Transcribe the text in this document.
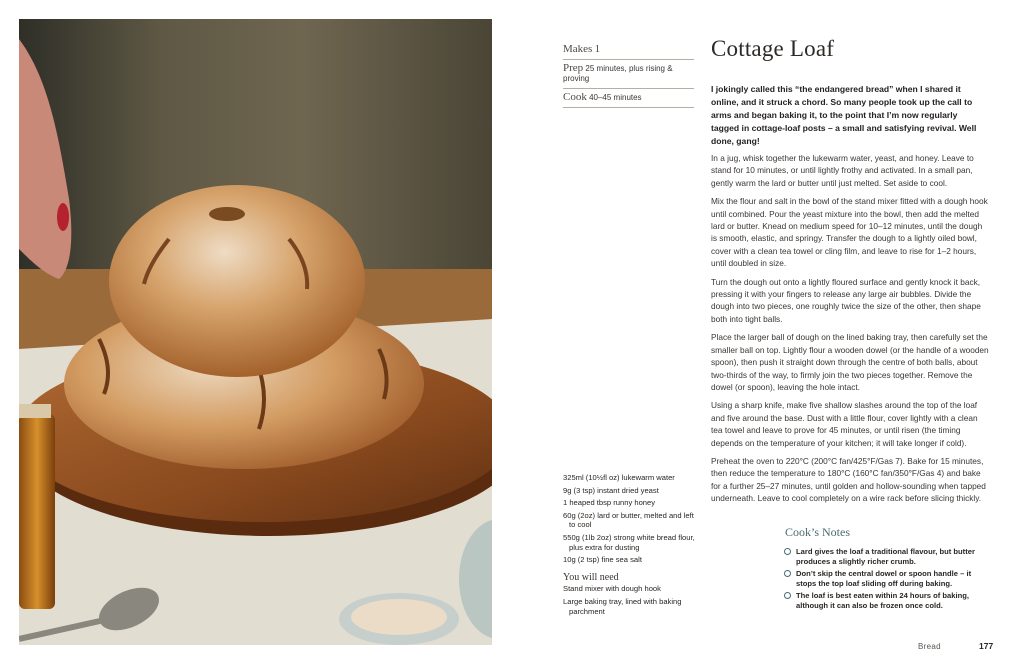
Makes 1
Prep 25 minutes, plus rising & proving
Cook 40–45 minutes
Cottage Loaf

I jokingly called this “the endangered bread” when I shared it online, and it struck a chord. So many people took up the call to arms and began baking it, to the point that I’m now regularly tagged in cottage-loaf posts – a small and satisfying revival. Well done, gang!

In a jug, whisk together the lukewarm water, yeast, and honey. Leave to stand for 10 minutes, or until lightly frothy and activated. In a small pan, gently warm the lard or butter until just melted. Set aside to cool.

Mix the flour and salt in the bowl of the stand mixer fitted with a dough hook until combined. Pour the yeast mixture into the bowl, then add the melted lard or butter. Knead on medium speed for 10–12 minutes, until the dough is smooth, elastic, and springy. Transfer the dough to a lightly oiled bowl, cover with a clean tea towel or cling film, and leave to rise for 1–2 hours, until doubled in size.

Turn the dough out onto a lightly floured surface and gently knock it back, pressing it with your fingers to release any large air bubbles. Divide the dough into two pieces, one roughly twice the size of the other, then shape both into tight balls.

Place the larger ball of dough on the lined baking tray, then carefully set the smaller ball on top. Lightly flour a wooden dowel (or the handle of a wooden spoon), then push it straight down through the centre of both balls, about two-thirds of the way, to firmly join the two pieces together. Remove the dowel (or spoon), leaving the hole intact.

Using a sharp knife, make five shallow slashes around the top of the loaf and five around the base. Dust with a little flour, cover lightly with a clean tea towel and leave to prove for 45 minutes, or until risen (the timing depends on the temperature of your kitchen; it will take longer if cold).

Preheat the oven to 220°C (200°C fan/425°F/Gas 7). Bake for 15 minutes, then reduce the temperature to 180°C (160°C fan/350°F/Gas 4) and bake for a further 25–27 minutes, until golden and hollow-sounding when tapped underneath. Leave to cool completely on a wire rack before slicing thickly.

325ml (10½fl oz) lukewarm water

9g (3 tsp) instant dried yeast

1 heaped tbsp runny honey

60g (2oz) lard or butter, melted and left to cool

550g (1lb 2oz) strong white bread flour, plus extra for dusting

10g (2 tsp) fine sea salt

You will need

Stand mixer with dough hook

Large baking tray, lined with baking parchment

Cook’s Notes
Lard gives the loaf a traditional flavour, but butter produces a slightly richer crumb.
Don’t skip the central dowel or spoon handle – it stops the top loaf sliding off during baking.
The loaf is best eaten within 24 hours of baking, although it can also be frozen once cold.
Bread	177
